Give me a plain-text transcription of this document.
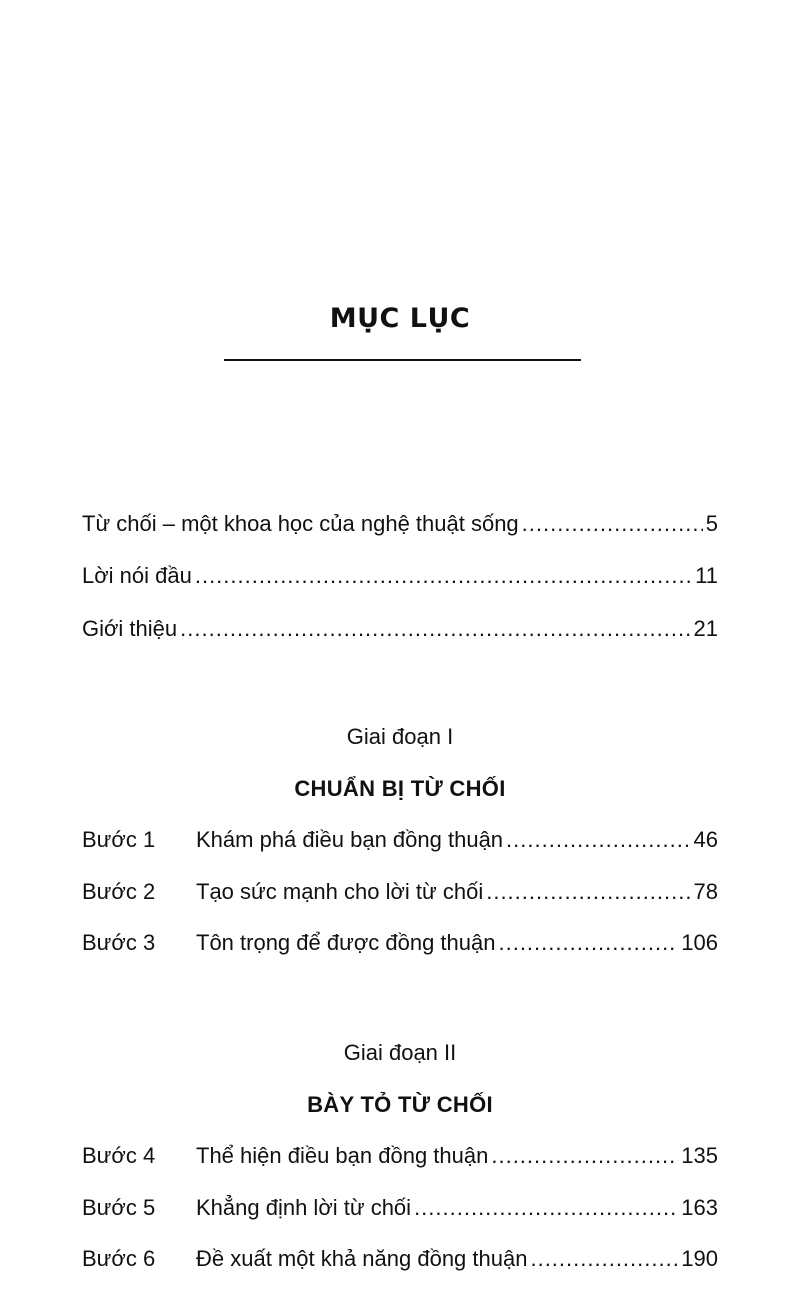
MỤC LỤC
Từ chối – một khoa học của nghệ thuật sống .....	5
Lời nói đầu .....	11
Giới thiệu .....	21
Giai đoạn I
CHUẨN BỊ TỪ CHỐI
Bước 1	Khám phá điều bạn đồng thuận .....	46
Bước 2	Tạo sức mạnh cho lời từ chối .....	78
Bước 3	Tôn trọng để được đồng thuận .....	106
Giai đoạn II
BÀY TỎ TỪ CHỐI
Bước 4	Thể hiện điều bạn đồng thuận .....	135
Bước 5	Khẳng định lời từ chối .....	163
Bước 6	Đề xuất một khả năng đồng thuận .....	190
